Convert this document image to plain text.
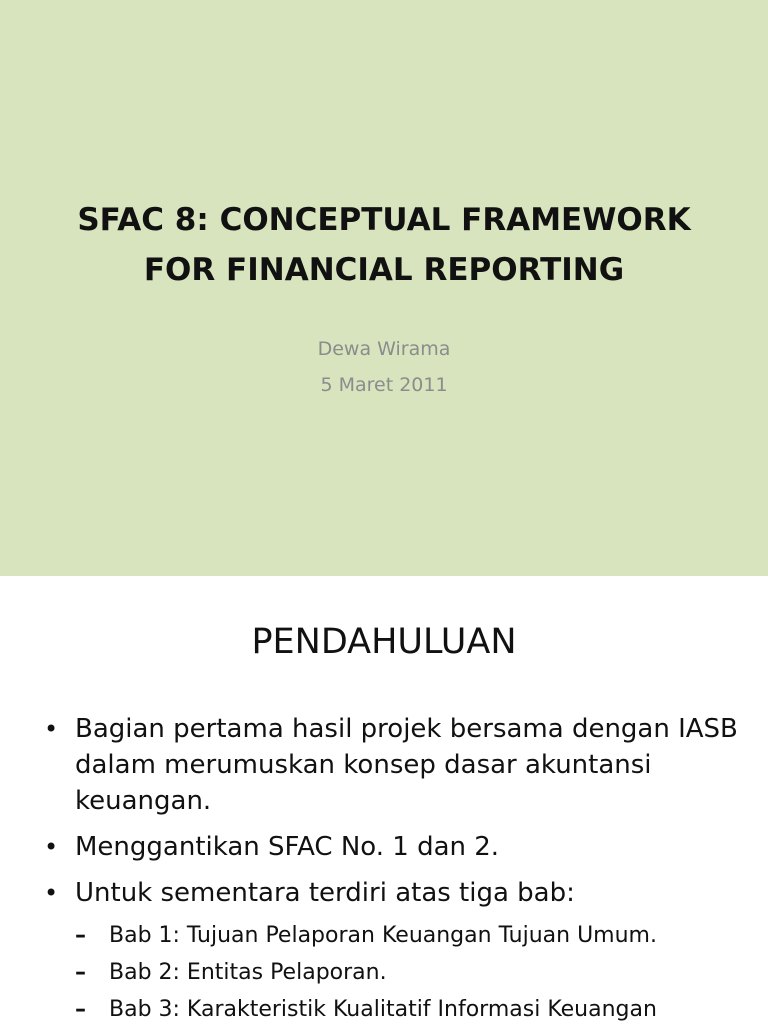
SFAC 8: CONCEPTUAL FRAMEWORK
FOR FINANCIAL REPORTING
Dewa Wirama
5 Maret 2011
PENDAHULUAN
• Bagian pertama hasil projek bersama dengan IASB dalam merumuskan konsep dasar akuntansi keuangan.
• Menggantikan SFAC No. 1 dan 2.
• Untuk sementara terdiri atas tiga bab:
– Bab 1: Tujuan Pelaporan Keuangan Tujuan Umum.
– Bab 2: Entitas Pelaporan.
– Bab 3: Karakteristik Kualitatif Informasi Keuangan
